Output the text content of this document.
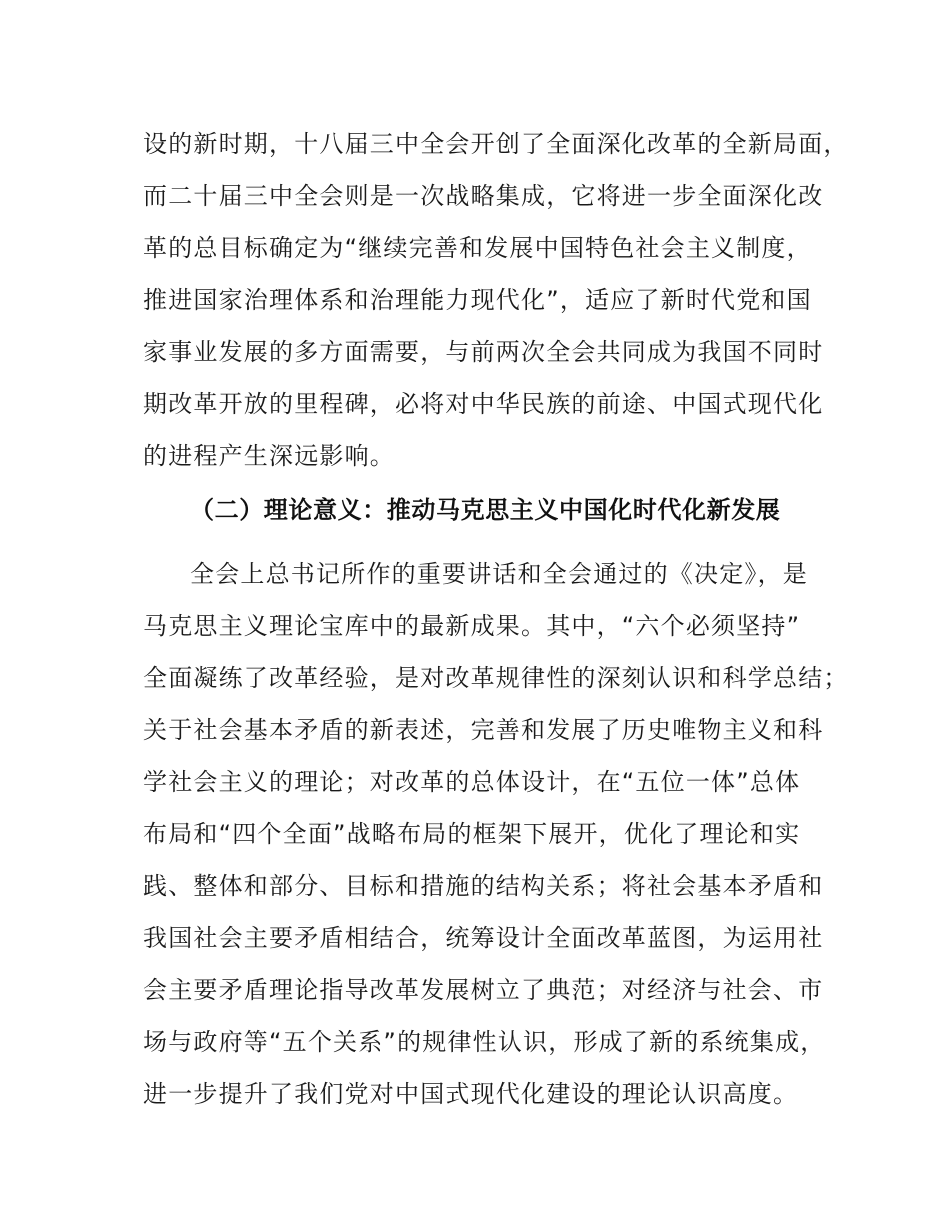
设的新时期，十八届三中全会开创了全面深化改革的全新局面，
而二十届三中全会则是一次战略集成，它将进一步全面深化改
革的总目标确定为“继续完善和发展中国特色社会主义制度，
推进国家治理体系和治理能力现代化”，适应了新时代党和国
家事业发展的多方面需要，与前两次全会共同成为我国不同时
期改革开放的里程碑，必将对中华民族的前途、中国式现代化
的进程产生深远影响。
（二）理论意义：推动马克思主义中国化时代化新发展
全会上总书记所作的重要讲话和全会通过的《决定》，是
马克思主义理论宝库中的最新成果。其中，“六个必须坚持”
全面凝练了改革经验，是对改革规律性的深刻认识和科学总结；
关于社会基本矛盾的新表述，完善和发展了历史唯物主义和科
学社会主义的理论；对改革的总体设计，在“五位一体”总体
布局和“四个全面”战略布局的框架下展开，优化了理论和实
践、整体和部分、目标和措施的结构关系；将社会基本矛盾和
我国社会主要矛盾相结合，统筹设计全面改革蓝图，为运用社
会主要矛盾理论指导改革发展树立了典范；对经济与社会、市
场与政府等“五个关系”的规律性认识，形成了新的系统集成，
进一步提升了我们党对中国式现代化建设的理论认识高度。
